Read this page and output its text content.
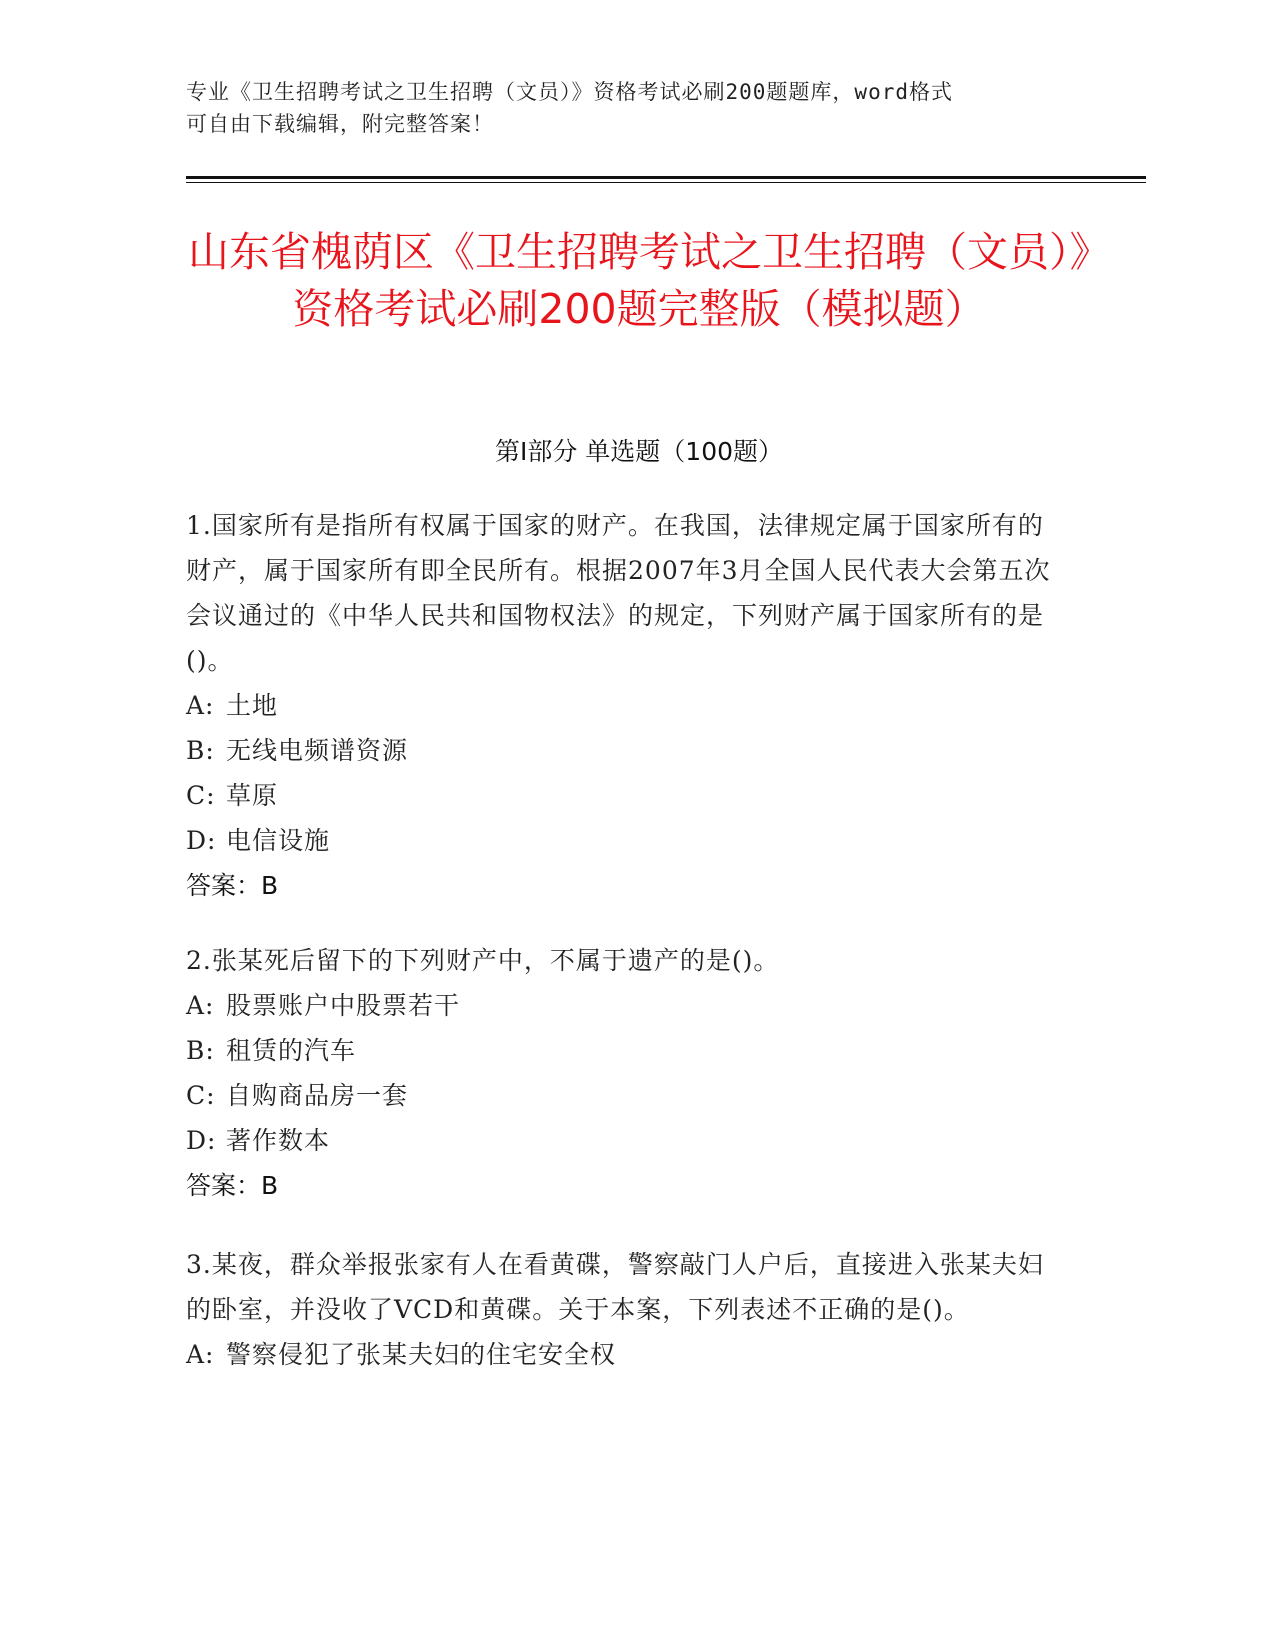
专业《卫生招聘考试之卫生招聘（文员）》资格考试必刷200题题库，word格式
可自由下载编辑，附完整答案！
山东省槐荫区《卫生招聘考试之卫生招聘（文员）》资格考试必刷200题完整版（模拟题）
第Ⅰ部分 单选题（100题）
1.国家所有是指所有权属于国家的财产。在我国，法律规定属于国家所有的财产，属于国家所有即全民所有。根据2007年3月全国人民代表大会第五次会议通过的《中华人民共和国物权法》的规定，下列财产属于国家所有的是()。
A: 土地
B: 无线电频谱资源
C: 草原
D: 电信设施
答案：B
2.张某死后留下的下列财产中，不属于遗产的是()。
A: 股票账户中股票若干
B: 租赁的汽车
C: 自购商品房一套
D: 著作数本
答案：B
3.某夜，群众举报张家有人在看黄碟，警察敲门人户后，直接进入张某夫妇的卧室，并没收了VCD和黄碟。关于本案，下列表述不正确的是()。
A: 警察侵犯了张某夫妇的住宅安全权
